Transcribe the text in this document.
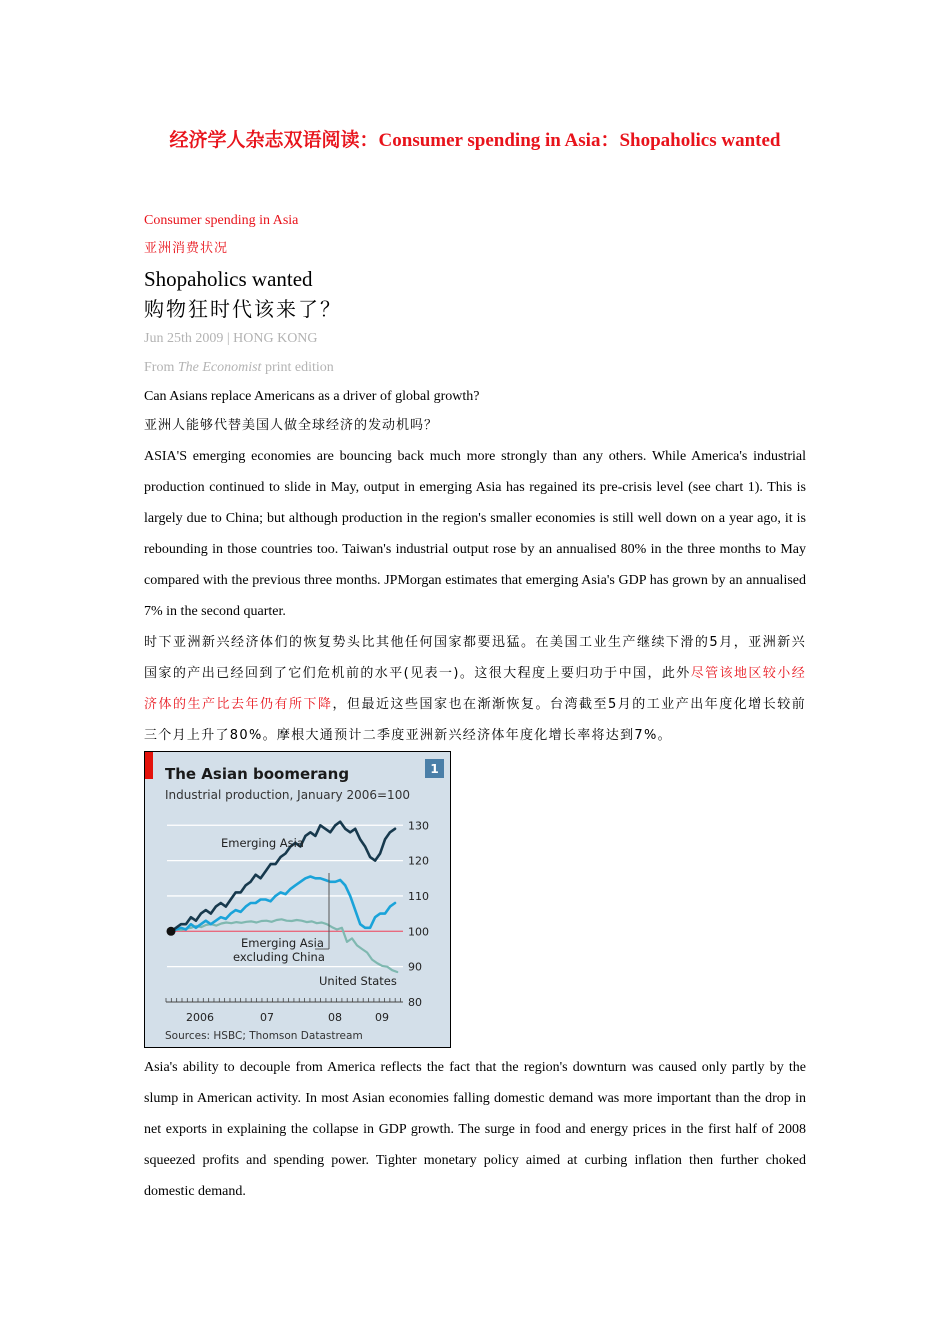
经济学人杂志双语阅读：Consumer spending in Asia：Shopaholics wanted

Consumer spending in Asia

亚洲消费状况

Shopaholics wanted

购物狂时代该来了？

Jun 25th 2009 | HONG KONG

From The Economist print edition

Can Asians replace Americans as a driver of global growth?

亚洲人能够代替美国人做全球经济的发动机吗？

ASIA'S emerging economies are bouncing back much more strongly than any others. While America's industrial production continued to slide in May, output in emerging Asia has regained its pre-crisis level (see chart 1). This is largely due to China; but although production in the region's smaller economies is still well down on a year ago, it is rebounding in those countries too. Taiwan's industrial output rose by an annualised 80% in the three months to May compared with the previous three months. JPMorgan estimates that emerging Asia's GDP has grown by an annualised 7% in the second quarter.

时下亚洲新兴经济体们的恢复势头比其他任何国家都要迅猛。在美国工业生产继续下滑的5月，亚洲新兴国家的产出已经回到了它们危机前的水平(见表一)。这很大程度上要归功于中国，此外尽管该地区较小经济体的生产比去年仍有所下降，但最近这些国家也在渐渐恢复。台湾截至5月的工业产出年度化增长较前三个月上升了80%。摩根大通预计二季度亚洲新兴经济体年度化增长率将达到7%。

1
The Asian boomerang
Industrial production, January 2006=100
80
90
100
110
120
130
2006	07	08	09
Emerging Asia
Emerging Asia
excluding China
United States
Sources: HSBC; Thomson Datastream

Asia's ability to decouple from America reflects the fact that the region's downturn was caused only partly by the slump in American activity. In most Asian economies falling domestic demand was more important than the drop in net exports in explaining the collapse in GDP growth. The surge in food and energy prices in the first half of 2008 squeezed profits and spending power. Tighter monetary policy aimed at curbing inflation then further choked domestic demand.
